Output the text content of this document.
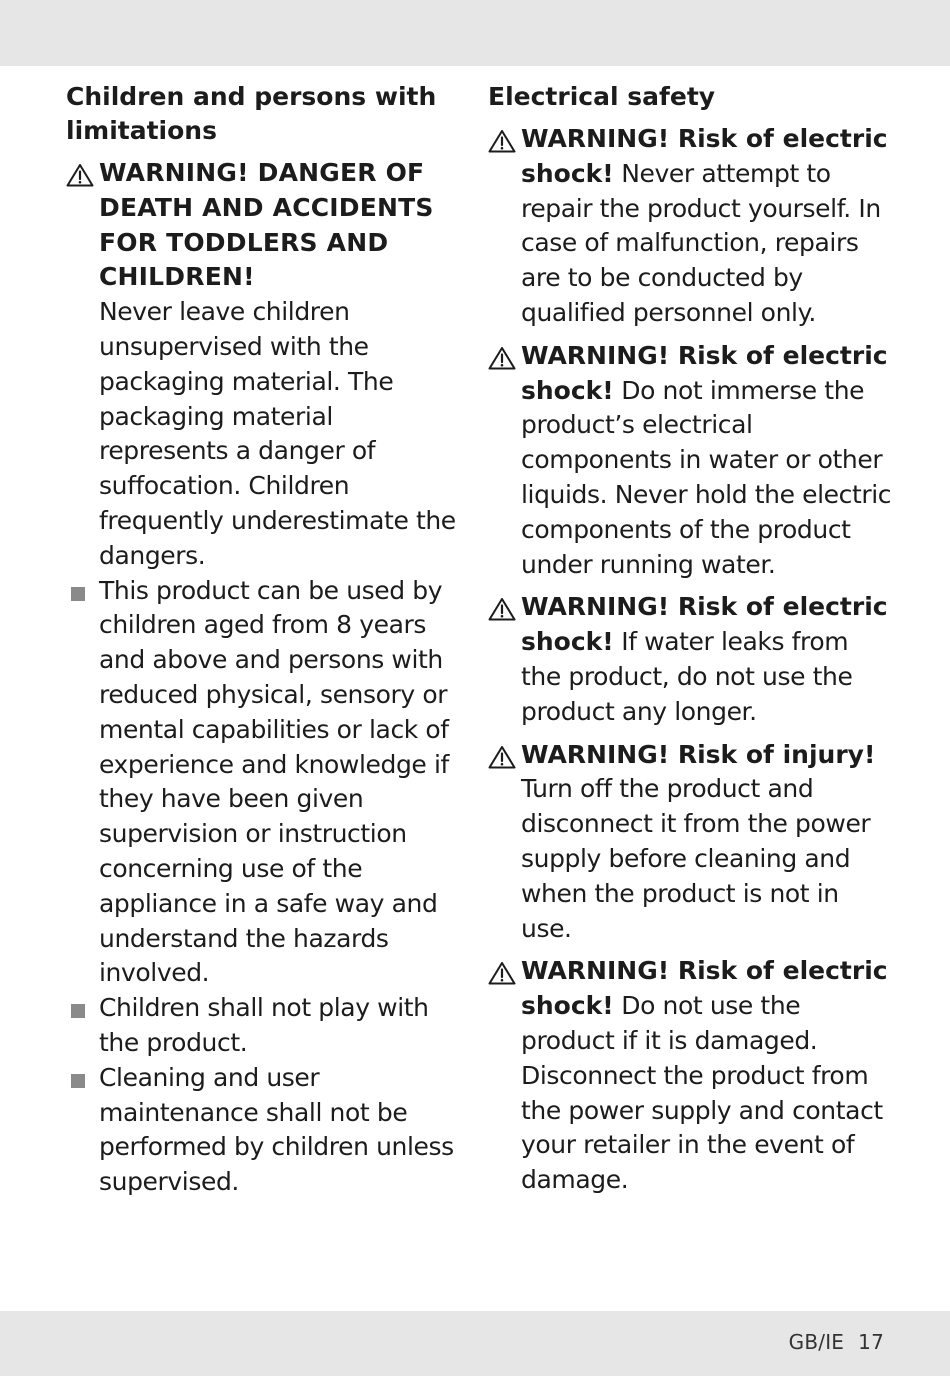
Children and persons with limitations
WARNING! DANGER OF DEATH AND ACCIDENTS FOR TODDLERS AND CHILDREN!
Never leave children unsupervised with the packaging material. The packaging material represents a danger of suffocation. Children frequently underestimate the dangers.
This product can be used by children aged from 8 years and above and persons with reduced physical, sensory or mental capabilities or lack of experience and knowledge if they have been given supervision or instruction concerning use of the appliance in a safe way and understand the hazards involved.
Children shall not play with the product.
Cleaning and user maintenance shall not be performed by children unless supervised.
Electrical safety
WARNING! Risk of electric shock! Never attempt to repair the product yourself. In case of malfunction, repairs are to be conducted by qualified personnel only.
WARNING! Risk of electric shock! Do not immerse the product’s electrical components in water or other liquids. Never hold the electric components of the product under running water.
WARNING! Risk of electric shock! If water leaks from the product, do not use the product any longer.
WARNING! Risk of injury! Turn off the product and disconnect it from the power supply before cleaning and when the product is not in use.
WARNING! Risk of electric shock! Do not use the product if it is damaged. Disconnect the product from the power supply and contact your retailer in the event of damage.
GB/IE 17
